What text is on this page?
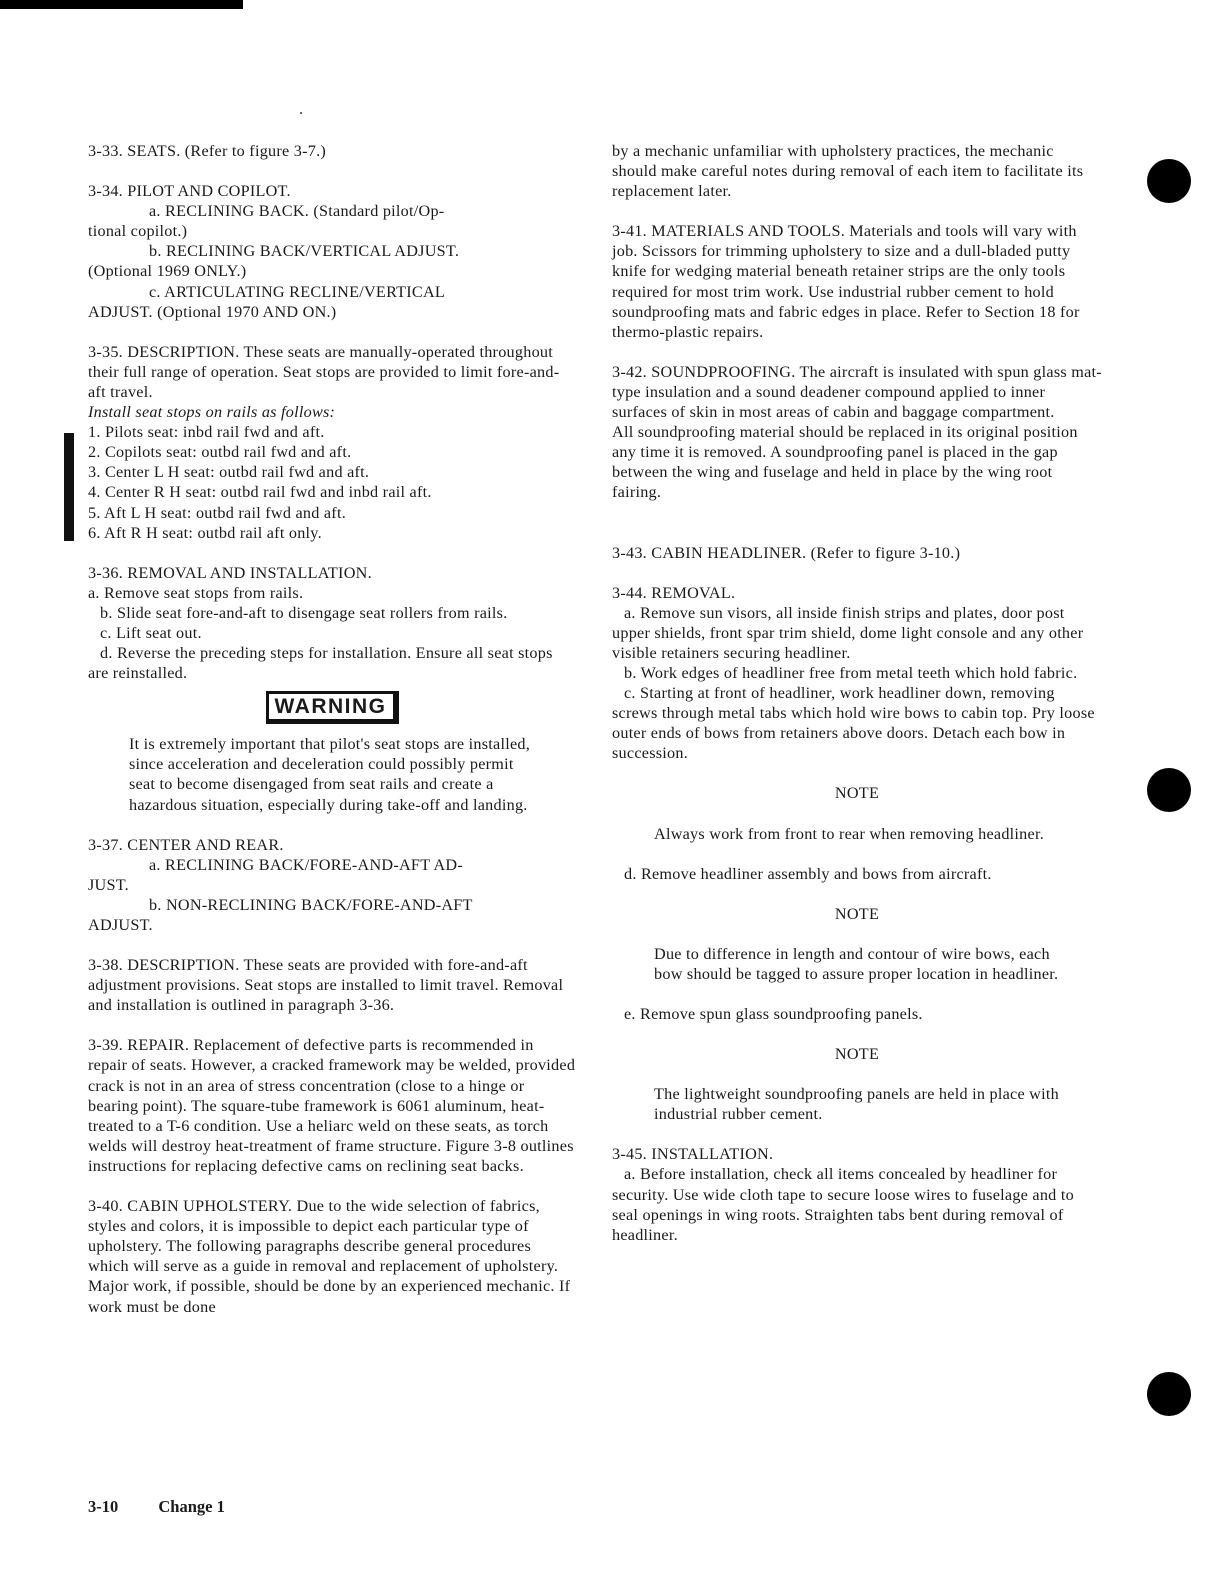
3-33. SEATS. (Refer to figure 3-7.)

3-34. PILOT AND COPILOT.

a. RECLINING BACK. (Standard pilot/Op-

tional copilot.)

b. RECLINING BACK/VERTICAL ADJUST.

(Optional 1969 ONLY.)

c. ARTICULATING RECLINE/VERTICAL

ADJUST. (Optional 1970 AND ON.)

3-35. DESCRIPTION. These seats are manually-operated throughout their full range of operation. Seat stops are provided to limit fore-and-aft travel.

Install seat stops on rails as follows:

1. Pilots seat: inbd rail fwd and aft.

2. Copilots seat: outbd rail fwd and aft.

3. Center L H seat: outbd rail fwd and aft.

4. Center R H seat: outbd rail fwd and inbd rail aft.

5. Aft L H seat: outbd rail fwd and aft.

6. Aft R H seat: outbd rail aft only.

3-36. REMOVAL AND INSTALLATION.

a. Remove seat stops from rails.

b. Slide seat fore-and-aft to disengage seat rollers from rails.

c. Lift seat out.

d. Reverse the preceding steps for installation. Ensure all seat stops are reinstalled.

WARNING

It is extremely important that pilot's seat stops are installed, since acceleration and deceleration could possibly permit seat to become disengaged from seat rails and create a hazardous situation, especially during take-off and landing.

3-37. CENTER AND REAR.

a. RECLINING BACK/FORE-AND-AFT AD-

JUST.

b. NON-RECLINING BACK/FORE-AND-AFT

ADJUST.

3-38. DESCRIPTION. These seats are provided with fore-and-aft adjustment provisions. Seat stops are installed to limit travel. Removal and installation is outlined in paragraph 3-36.

3-39. REPAIR. Replacement of defective parts is recommended in repair of seats. However, a cracked framework may be welded, provided crack is not in an area of stress concentration (close to a hinge or bearing point). The square-tube framework is 6061 aluminum, heat-treated to a T-6 condition. Use a heliarc weld on these seats, as torch welds will destroy heat-treatment of frame structure. Figure 3-8 outlines instructions for replacing defective cams on reclining seat backs.

3-40. CABIN UPHOLSTERY. Due to the wide selection of fabrics, styles and colors, it is impossible to depict each particular type of upholstery. The following paragraphs describe general procedures which will serve as a guide in removal and replacement of upholstery. Major work, if possible, should be done by an experienced mechanic. If work must be done

by a mechanic unfamiliar with upholstery practices, the mechanic should make careful notes during removal of each item to facilitate its replacement later.

3-41. MATERIALS AND TOOLS. Materials and tools will vary with job. Scissors for trimming upholstery to size and a dull-bladed putty knife for wedging material beneath retainer strips are the only tools required for most trim work. Use industrial rubber cement to hold soundproofing mats and fabric edges in place. Refer to Section 18 for thermo-plastic repairs.

3-42. SOUNDPROOFING. The aircraft is insulated with spun glass mat-type insulation and a sound deadener compound applied to inner surfaces of skin in most areas of cabin and baggage compartment.

All soundproofing material should be replaced in its original position any time it is removed. A soundproofing panel is placed in the gap between the wing and fuselage and held in place by the wing root fairing.

3-43. CABIN HEADLINER. (Refer to figure 3-10.)

3-44. REMOVAL.

a. Remove sun visors, all inside finish strips and plates, door post upper shields, front spar trim shield, dome light console and any other visible retainers securing headliner.

b. Work edges of headliner free from metal teeth which hold fabric.

c. Starting at front of headliner, work headliner down, removing screws through metal tabs which hold wire bows to cabin top. Pry loose outer ends of bows from retainers above doors. Detach each bow in succession.

NOTE

Always work from front to rear when removing headliner.

d. Remove headliner assembly and bows from aircraft.

NOTE

Due to difference in length and contour of wire bows, each bow should be tagged to assure proper location in headliner.

e. Remove spun glass soundproofing panels.

NOTE

The lightweight soundproofing panels are held in place with industrial rubber cement.

3-45. INSTALLATION.

a. Before installation, check all items concealed by headliner for security. Use wide cloth tape to secure loose wires to fuselage and to seal openings in wing roots. Straighten tabs bent during removal of headliner.

3-10 Change 1
